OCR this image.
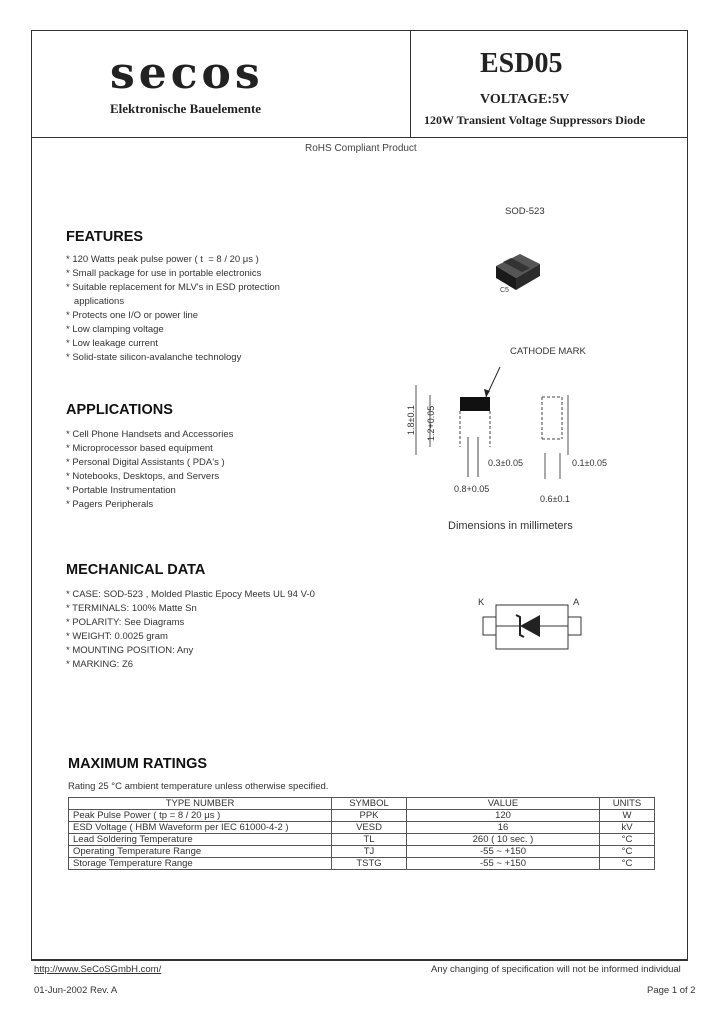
secos
Elektronische Bauelemente
ESD05
VOLTAGE:5V
120W Transient Voltage Suppressors Diode
RoHS Compliant Product
SOD-523
C5
CATHODE MARK
1.8±0.1 1.2+0.05
0.3±0.05
0.8+0.05
0.1±0.05
0.6±0.1
Dimensions in millimeters
FEATURES
* 120 Watts peak pulse power ( t  = 8 / 20 μs )
* Small package for use in portable electronics
* Suitable replacement for MLV's in ESD protection
applications
* Protects one I/O or power line
* Low clamping voltage
* Low leakage current
* Solid-state silicon-avalanche technology
APPLICATIONS
* Cell Phone Handsets and Accessories
* Microprocessor based equipment
* Personal Digital Assistants ( PDA's )
* Notebooks, Desktops, and Servers
* Portable Instrumentation
* Pagers Peripherals
MECHANICAL DATA
* CASE: SOD-523 , Molded Plastic Epocy Meets UL 94 V-0
* TERMINALS: 100% Matte Sn
* POLARITY: See Diagrams
* WEIGHT: 0.0025 gram
* MOUNTING POSITION: Any
* MARKING: Z6
K	A
MAXIMUM RATINGS
Rating 25 °C ambient temperature unless otherwise specified.
TYPE NUMBER	SYMBOL	VALUE	UNITS
Peak Pulse Power ( tp = 8 / 20 μs )	PPK	120	W
ESD Voltage ( HBM Waveform per IEC 61000-4-2 )	VESD	16	kV
Lead Soldering Temperature	TL	260 ( 10 sec. )	°C
Operating Temperature Range	TJ	-55 ~ +150	°C
Storage Temperature Range	TSTG	-55 ~ +150	°C
http://www.SeCoSGmbH.com/	Any changing of specification will not be informed individual
01-Jun-2002 Rev. A	Page 1 of 2
